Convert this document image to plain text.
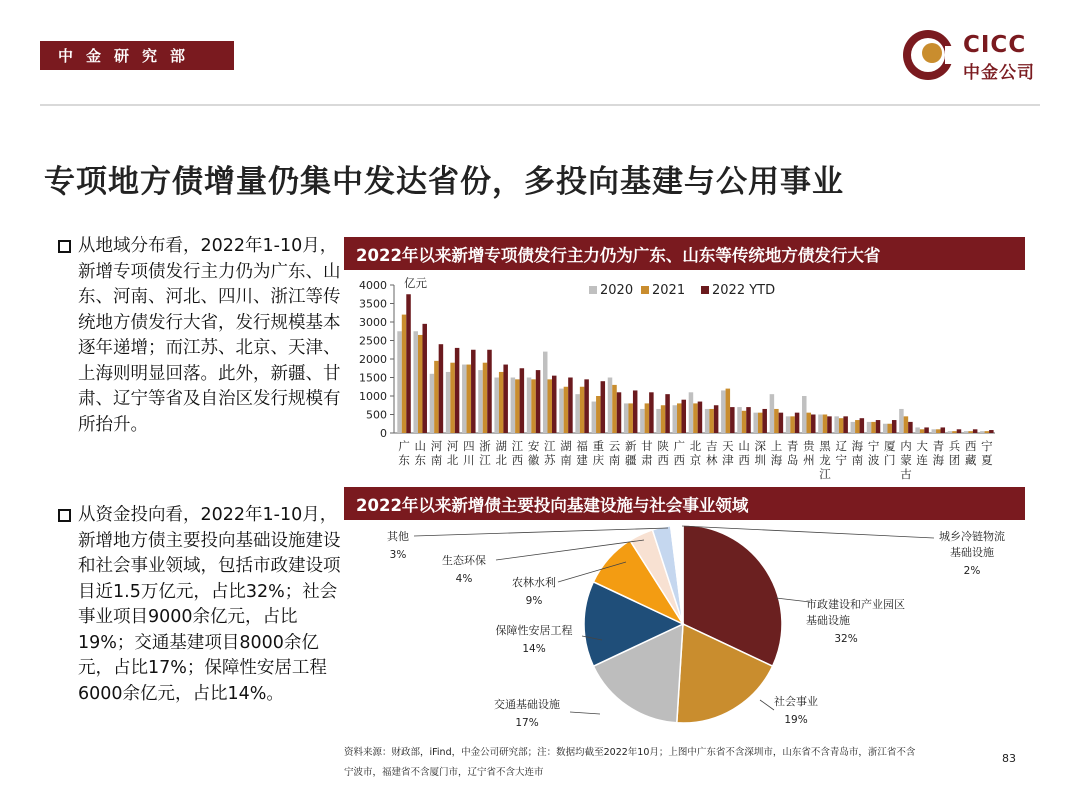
中金研究部	CICC
中金公司
专项地方债增量仍集中发达省份，多投向基建与公用事业
从地域分布看，2022年1-10月，新增专项债发行主力仍为广东、山东、河南、河北、四川、浙江等传统地方债发行大省，发行规模基本逐年递增；而江苏、北京、天津、上海则明显回落。此外，新疆、甘肃、辽宁等省及自治区发行规模有所抬升。
从资金投向看，2022年1-10月，新增地方债主要投向基础设施建设和社会事业领域，包括市政建设项目近1.5万亿元，占比32%；社会事业项目9000余亿元，占比19%；交通基建项目8000余亿元，占比17%；保障性安居工程6000余亿元，占比14%。
2022年以来新增专项债发行主力仍为广东、山东等传统地方债发行大省
0
500
1000
1500
2000
2500
3000
3500
4000 亿元	2020 2021 2022 YTD
广
东
山
东
河
南
河
北
四
川
浙
江
湖
北
江
西
安
徽
江
苏
湖
南
福
建
重
庆
云
南
新
疆
甘
肃
陕
西
广
西
北
京
吉
林
天
津
山
西
深
圳
上
海
青
岛
贵
州
黑
龙
江
辽
宁
海
南
宁
波
厦
门
内
蒙
古
大
连
青
海
兵
团
西
藏
宁
夏
2022年以来新增债主要投向基建设施与社会事业领域
市政建设和产业园区
基础设施
32%
社会事业
19%
交通基础设施
17%
保障性安居工程
14%
农林水利
9%
生态环保
4%
其他
3%
城乡冷链物流
基础设施
2%
资料来源：财政部，iFind，中金公司研究部；注：数据均截至2022年10月；上图中广东省不含深圳市，山东省不含青岛市，浙江省不含
宁波市，福建省不含厦门市，辽宁省不含大连市
83
